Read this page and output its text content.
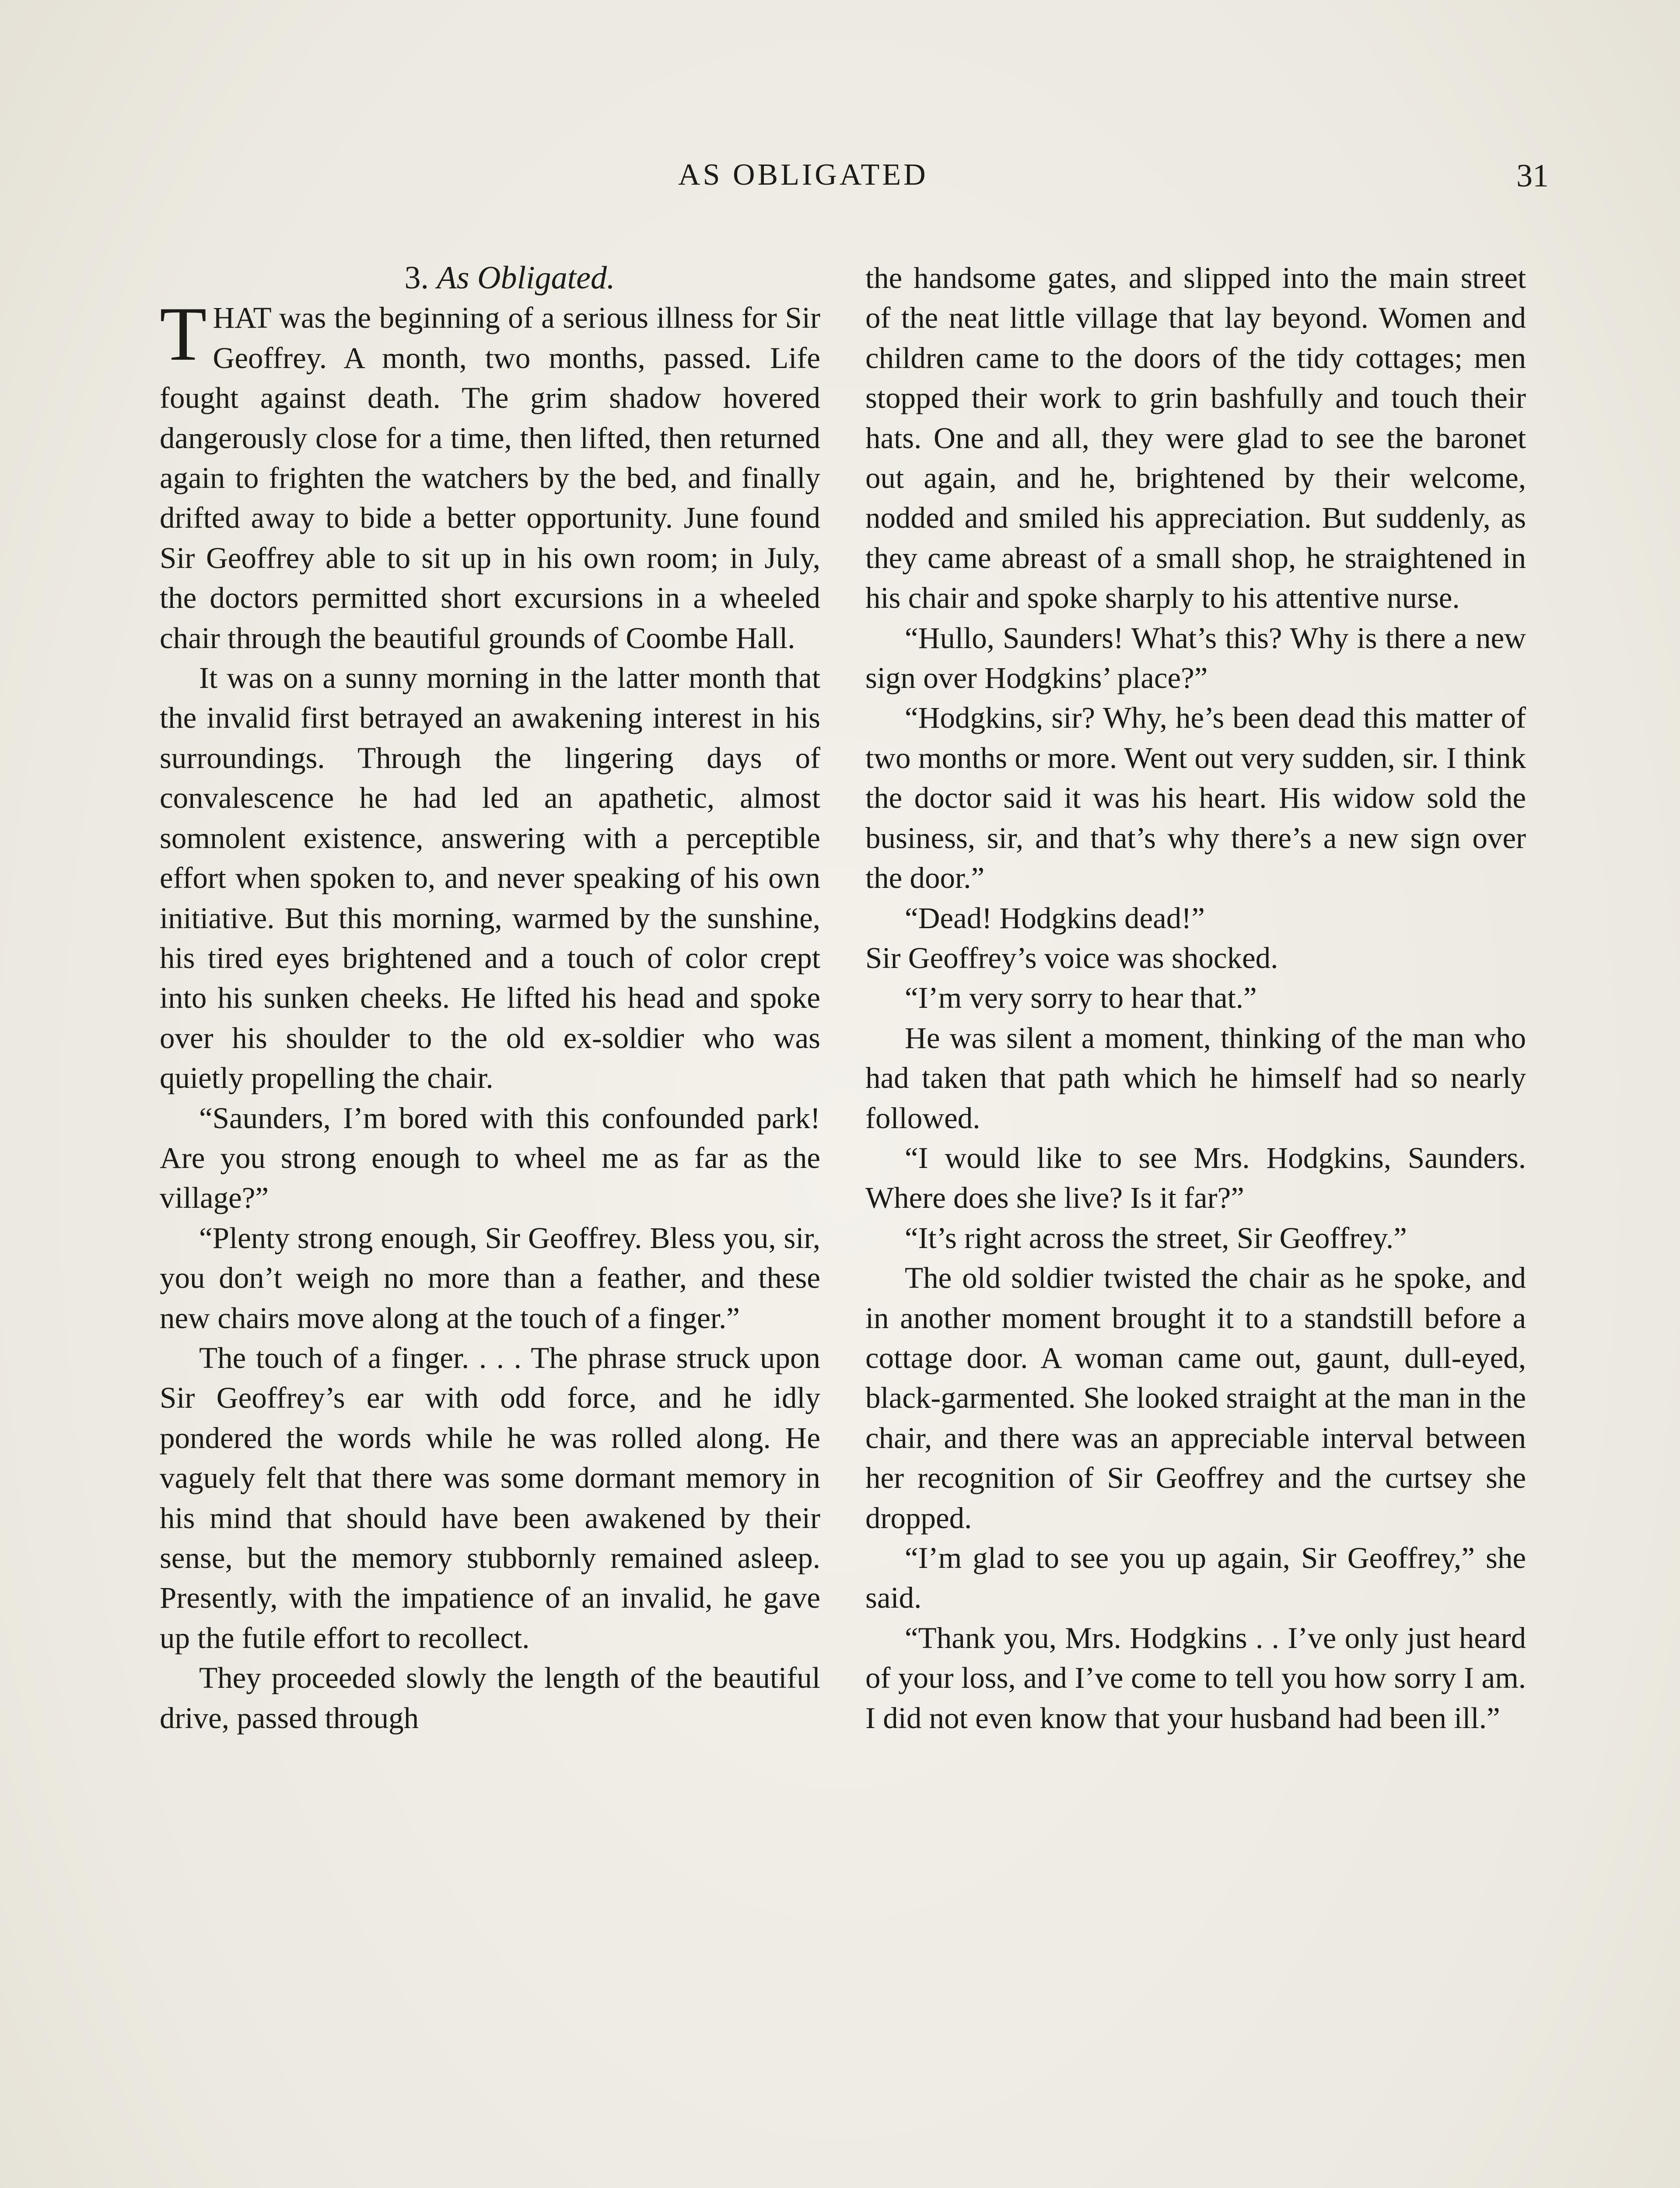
AS OBLIGATED	31

3. As Obligated.

THAT was the beginning of a serious illness for Sir Geoffrey. A month, two months, passed. Life fought against death. The grim shadow hovered dangerously close for a time, then lifted, then returned again to frighten the watchers by the bed, and finally drifted away to bide a better opportunity. June found Sir Geoffrey able to sit up in his own room; in July, the doctors permitted short excursions in a wheeled chair through the beautiful grounds of Coombe Hall.

It was on a sunny morning in the latter month that the invalid first betrayed an awakening interest in his surroundings. Through the lingering days of convalescence he had led an apathetic, almost somnolent existence, answering with a perceptible effort when spoken to, and never speaking of his own initiative. But this morning, warmed by the sunshine, his tired eyes brightened and a touch of color crept into his sunken cheeks. He lifted his head and spoke over his shoulder to the old ex-soldier who was quietly propelling the chair.

“Saunders, I’m bored with this confounded park! Are you strong enough to wheel me as far as the village?”

“Plenty strong enough, Sir Geoffrey. Bless you, sir, you don’t weigh no more than a feather, and these new chairs move along at the touch of a finger.”

The touch of a finger. . . . The phrase struck upon Sir Geoffrey’s ear with odd force, and he idly pondered the words while he was rolled along. He vaguely felt that there was some dormant memory in his mind that should have been awakened by their sense, but the memory stubbornly remained asleep. Presently, with the impatience of an invalid, he gave up the futile effort to recollect.

They proceeded slowly the length of the beautiful drive, passed through

the handsome gates, and slipped into the main street of the neat little village that lay beyond. Women and children came to the doors of the tidy cottages; men stopped their work to grin bashfully and touch their hats. One and all, they were glad to see the baronet out again, and he, brightened by their welcome, nodded and smiled his appreciation. But suddenly, as they came abreast of a small shop, he straightened in his chair and spoke sharply to his attentive nurse.

“Hullo, Saunders! What’s this? Why is there a new sign over Hodgkins’ place?”

“Hodgkins, sir? Why, he’s been dead this matter of two months or more. Went out very sudden, sir. I think the doctor said it was his heart. His widow sold the business, sir, and that’s why there’s a new sign over the door.”

“Dead! Hodgkins dead!”

Sir Geoffrey’s voice was shocked.

“I’m very sorry to hear that.”

He was silent a moment, thinking of the man who had taken that path which he himself had so nearly followed.

“I would like to see Mrs. Hodgkins, Saunders. Where does she live? Is it far?”

“It’s right across the street, Sir Geoffrey.”

The old soldier twisted the chair as he spoke, and in another moment brought it to a standstill before a cottage door. A woman came out, gaunt, dull-eyed, black-garmented. She looked straight at the man in the chair, and there was an appreciable interval between her recognition of Sir Geoffrey and the curtsey she dropped.

“I’m glad to see you up again, Sir Geoffrey,” she said.

“Thank you, Mrs. Hodgkins . . I’ve only just heard of your loss, and I’ve come to tell you how sorry I am. I did not even know that your husband had been ill.”
